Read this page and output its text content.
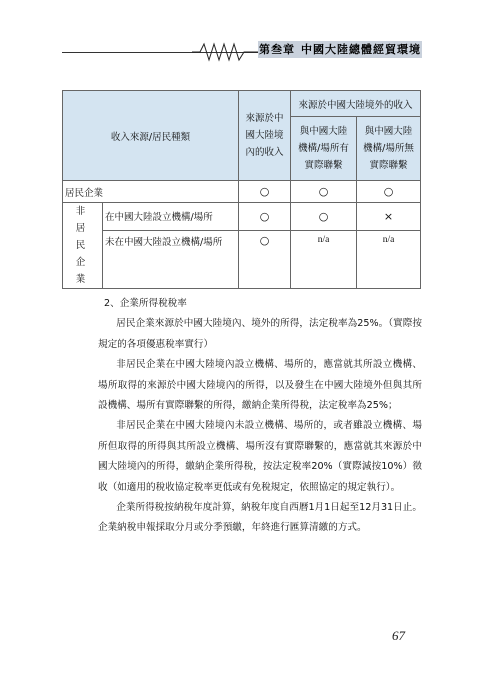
第叁章 中國大陸總體經貿環境
收入來源/居民種類		來源於中國大陸境內的收入	來源於中國大陸境外的收入	
			與中國大陸機構/場所有實際聯繫	與中國大陸機構/場所無實際聯繫
居民企業		○	○	○
非居民企業	在中國大陸設立機構/場所	○	○	×
	未在中國大陸設立機構/場所	○	n/a	n/a

2、企業所得稅稅率

居民企業來源於中國大陸境內、境外的所得，法定稅率為25%。（實際按規定的各項優惠稅率實行）

非居民企業在中國大陸境內設立機構、場所的，應當就其所設立機構、場所取得的來源於中國大陸境內的所得，以及發生在中國大陸境外但與其所設機構、場所有實際聯繫的所得，繳納企業所得稅，法定稅率為25%；

非居民企業在中國大陸境內未設立機構、場所的，或者雖設立機構、場所但取得的所得與其所設立機構、場所沒有實際聯繫的，應當就其來源於中國大陸境內的所得，繳納企業所得稅，按法定稅率20%（實際減按10%）徵收（如適用的稅收協定稅率更低或有免稅規定，依照協定的規定執行）。

企業所得稅按納稅年度計算，納稅年度自西曆1月1日起至12月31日止。企業納稅申報採取分月或分季預繳，年終進行匯算清繳的方式。

67
